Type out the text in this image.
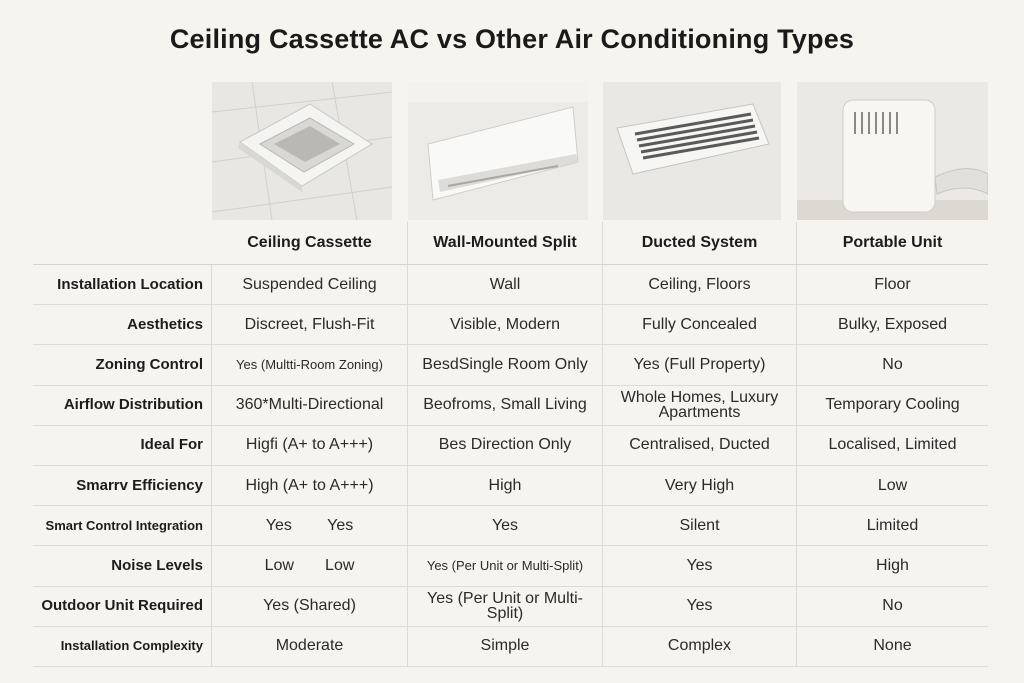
Ceiling Cassette AC vs Other Air Conditioning Types
Ceiling Cassette	Wall-Mounted Split	Ducted System	Portable Unit
Installation Location	Suspended Ceiling	Wall	Ceiling, Floors	Floor
Aesthetics	Discreet, Flush-Fit	Visible, Modern	Fully Concealed	Bulky, Exposed
Zoning Control	Yes (Multti-Room Zoning)	BesdSingle Room Only	Yes (Full Property)	No
Airflow Distribution	360*Multi-Directional	Beofroms, Small Living	Whole Homes, Luxury Apartments	Temporary Cooling
Ideal For	Higfi (A+ to A+++)	Bes Direction Only	Centralised, Ducted	Localised, Limited
Smarrv Efficiency	High (A+ to A+++)	High	Very High	Low
Smart Control Integration	Yes        Yes	Yes	Silent	Limited
Noise Levels	Low       Low	Yes (Per Unit or Multi-Split)	Yes	High
Outdoor Unit Required	Yes (Shared)	Yes (Per Unit or Multi-Split)	Yes	No
Installation Complexity	Moderate	Simple	Complex	None
